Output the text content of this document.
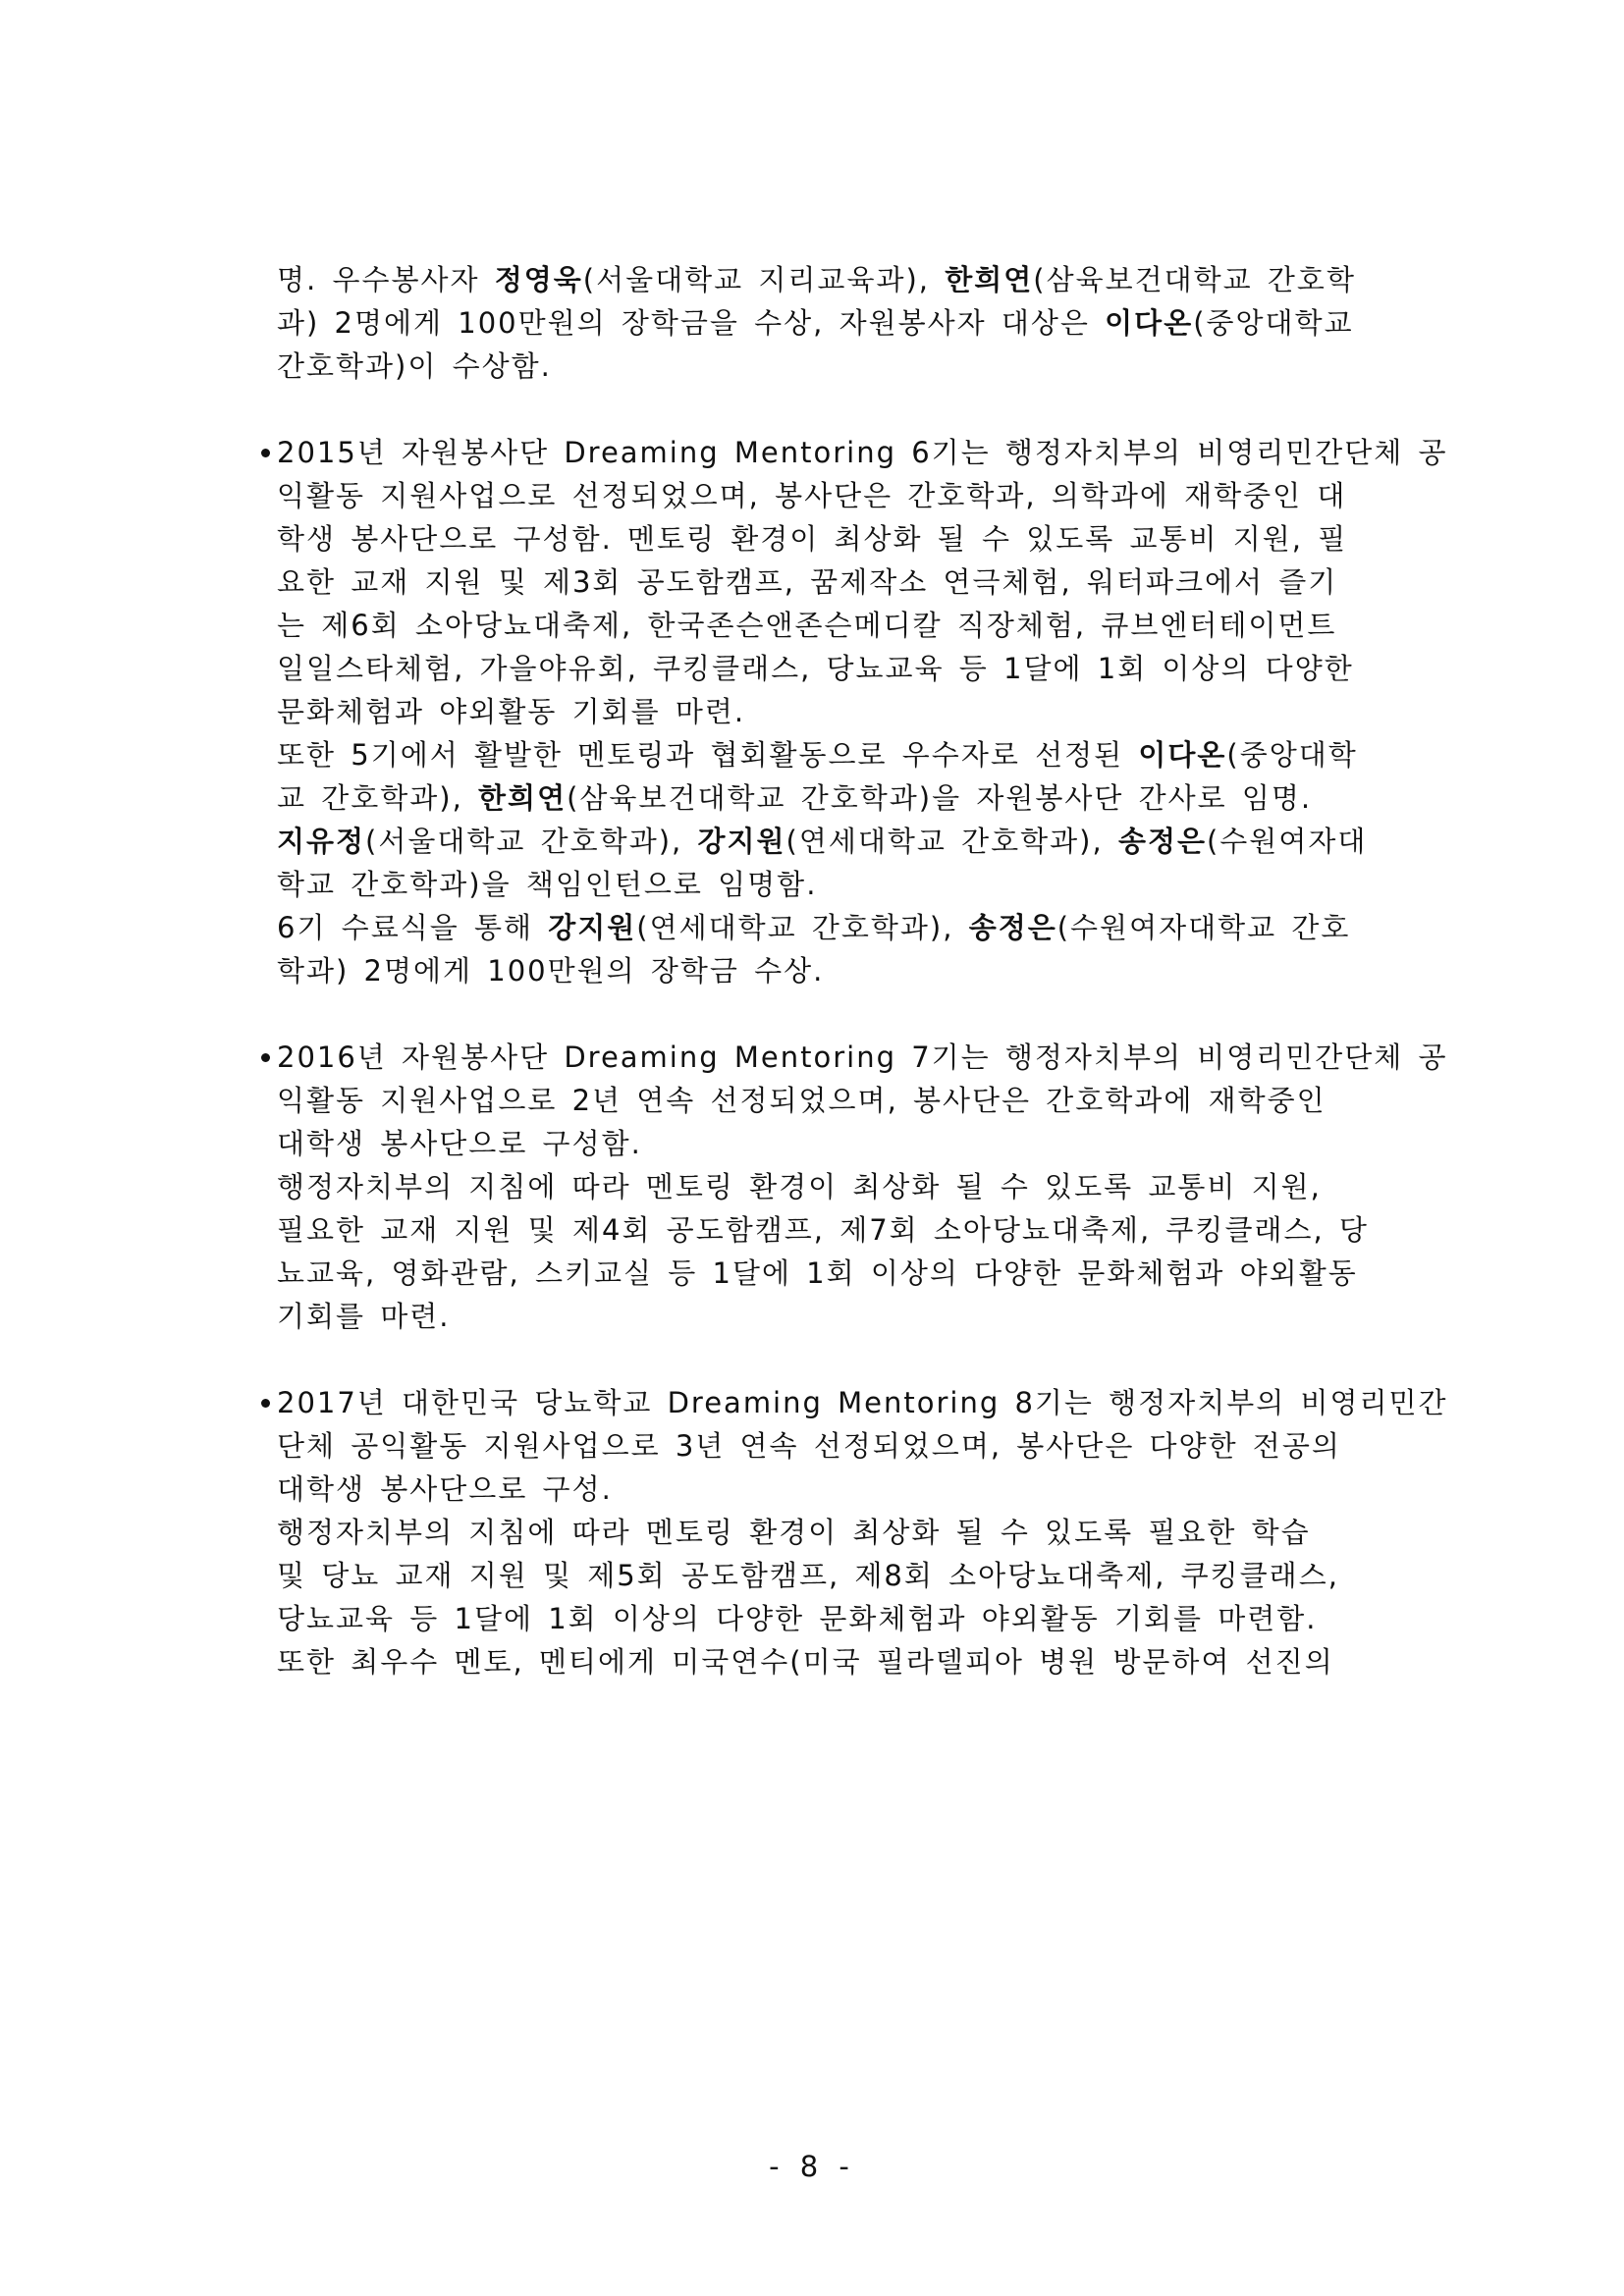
명. 우수봉사자 정영욱(서울대학교 지리교육과), 한희연(삼육보건대학교 간호학
과) 2명에게 100만원의 장학금을 수상, 자원봉사자 대상은 이다온(중앙대학교
간호학과)이 수상함.
2015년 자원봉사단 Dreaming Mentoring 6기는 행정자치부의 비영리민간단체 공
익활동 지원사업으로 선정되었으며, 봉사단은 간호학과, 의학과에 재학중인 대
학생 봉사단으로 구성함. 멘토링 환경이 최상화 될 수 있도록 교통비 지원, 필
요한 교재 지원 및 제3회 공도함캠프, 꿈제작소 연극체험, 워터파크에서 즐기
는 제6회 소아당뇨대축제, 한국존슨앤존슨메디칼 직장체험, 큐브엔터테이먼트
일일스타체험, 가을야유회, 쿠킹클래스, 당뇨교육 등 1달에 1회 이상의 다양한
문화체험과 야외활동 기회를 마련.
또한 5기에서 활발한 멘토링과 협회활동으로 우수자로 선정된 이다온(중앙대학
교 간호학과), 한희연(삼육보건대학교 간호학과)을 자원봉사단 간사로 임명.
지유정(서울대학교 간호학과), 강지원(연세대학교 간호학과), 송정은(수원여자대
학교 간호학과)을 책임인턴으로 임명함.
6기 수료식을 통해 강지원(연세대학교 간호학과), 송정은(수원여자대학교 간호
학과) 2명에게 100만원의 장학금 수상.
2016년 자원봉사단 Dreaming Mentoring 7기는 행정자치부의 비영리민간단체 공
익활동 지원사업으로 2년 연속 선정되었으며, 봉사단은 간호학과에 재학중인
대학생 봉사단으로 구성함.
행정자치부의 지침에 따라 멘토링 환경이 최상화 될 수 있도록 교통비 지원,
필요한 교재 지원 및 제4회 공도함캠프, 제7회 소아당뇨대축제, 쿠킹클래스, 당
뇨교육, 영화관람, 스키교실 등 1달에 1회 이상의 다양한 문화체험과 야외활동
기회를 마련.
2017년 대한민국 당뇨학교 Dreaming Mentoring 8기는 행정자치부의 비영리민간
단체 공익활동 지원사업으로 3년 연속 선정되었으며, 봉사단은 다양한 전공의
대학생 봉사단으로 구성.
행정자치부의 지침에 따라 멘토링 환경이 최상화 될 수 있도록 필요한 학습
및 당뇨 교재 지원 및 제5회 공도함캠프, 제8회 소아당뇨대축제, 쿠킹클래스,
당뇨교육 등 1달에 1회 이상의 다양한 문화체험과 야외활동 기회를 마련함.
또한 최우수 멘토, 멘티에게 미국연수(미국 필라델피아 병원 방문하여 선진의
- 8 -
